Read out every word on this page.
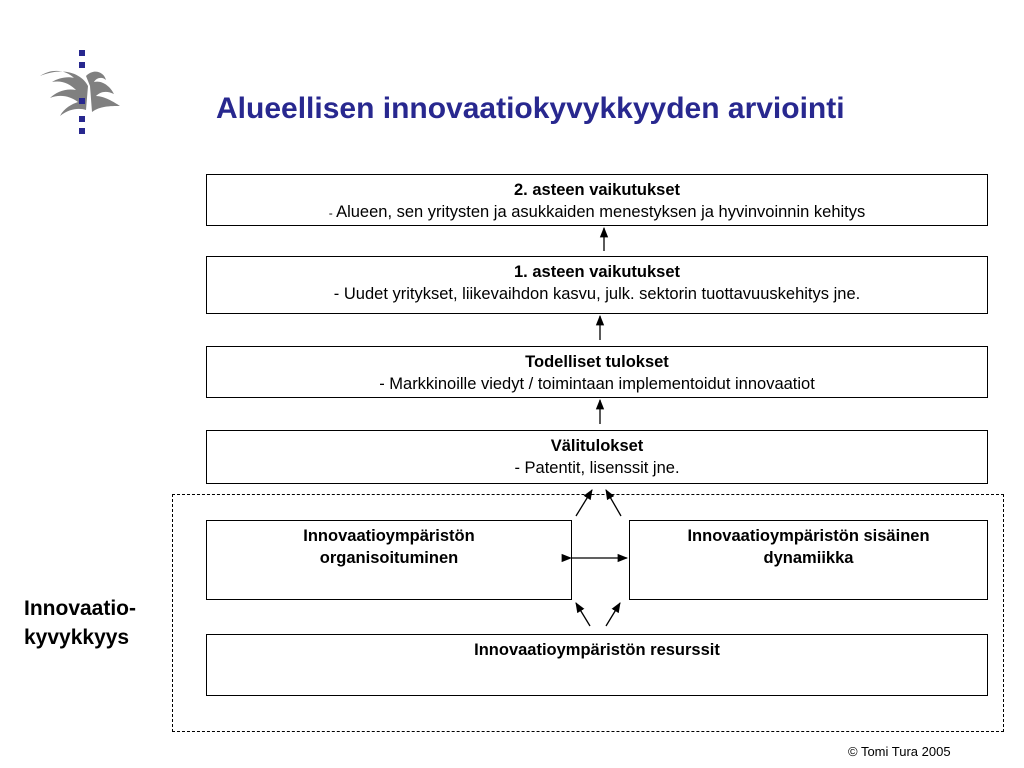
Alueellisen innovaatiokyvykkyyden arviointi
2. asteen vaikutukset
- Alueen, sen yritysten ja asukkaiden menestyksen ja hyvinvoinnin kehitys
1. asteen vaikutukset
- Uudet yritykset, liikevaihdon kasvu, julk. sektorin tuottavuuskehitys jne.
Todelliset tulokset
- Markkinoille viedyt / toimintaan implementoidut innovaatiot
Välitulokset
- Patentit, lisenssit jne.
Innovaatioympäristön
organisoituminen
Innovaatioympäristön sisäinen
dynamiikka
Innovaatioympäristön resurssit
Innovaatio-
kyvykkyys
© Tomi Tura 2005
